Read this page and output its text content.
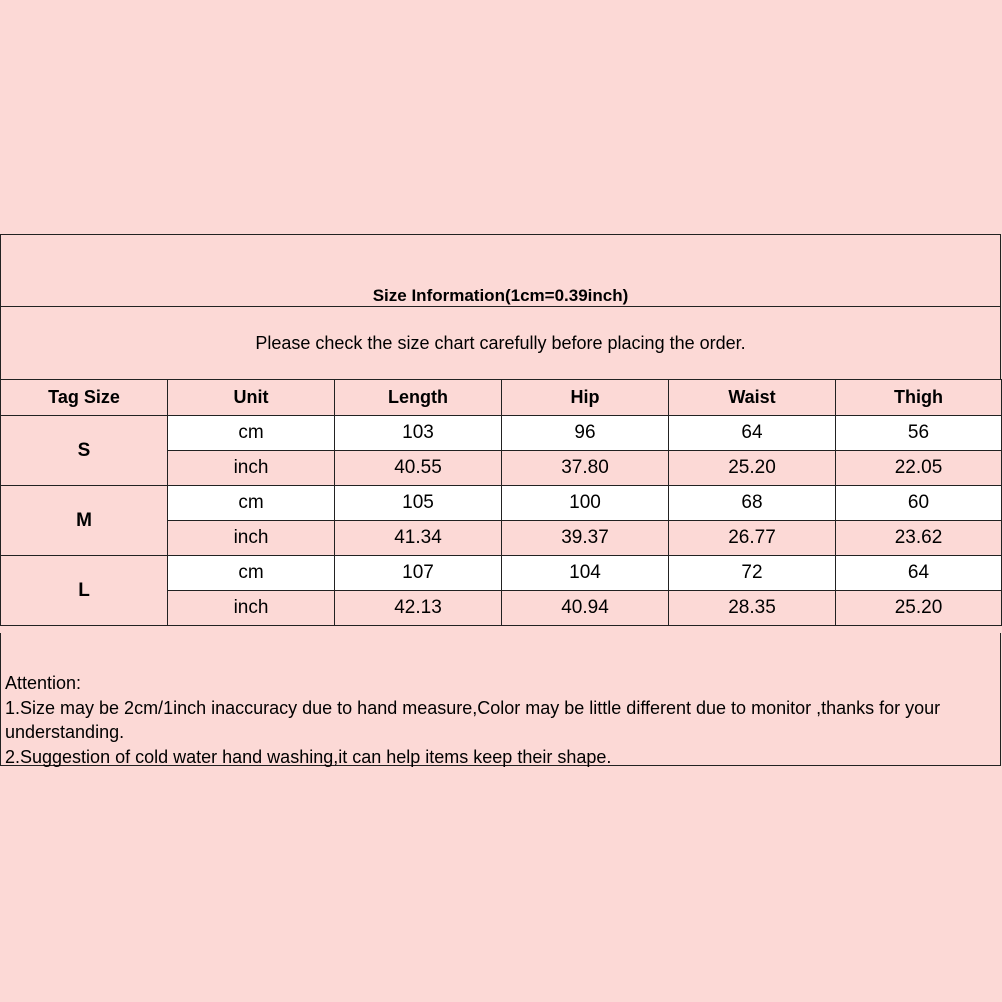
Size Information(1cm=0.39inch)
Please check the size chart carefully before placing the order.
Tag Size	Unit	Length	Hip	Waist	Thigh
S	cm	103	96	64	56
	inch	40.55	37.80	25.20	22.05
M	cm	105	100	68	60
	inch	41.34	39.37	26.77	23.62
L	cm	107	104	72	64
	inch	42.13	40.94	28.35	25.20
Attention:
1.Size may be 2cm/1inch inaccuracy due to hand measure,Color may be little different due to monitor ,thanks for your understanding.
2.Suggestion of cold water hand washing,it can help items keep their shape.
